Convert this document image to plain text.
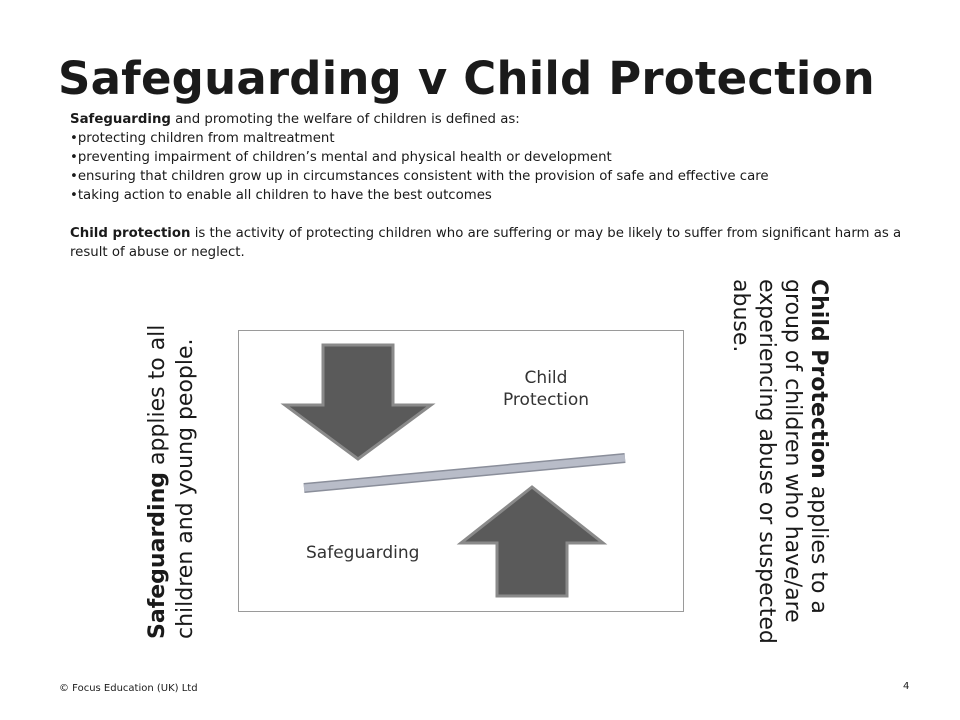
Safeguarding v Child Protection

Safeguarding and promoting the welfare of children is defined as:

• protecting children from maltreatment
• preventing impairment of children’s mental and physical health or development
• ensuring that children grow up in circumstances consistent with the provision of safe and effective care
• taking action to enable all children to have the best outcomes

Child protection is the activity of protecting children who are suffering or may be likely to suffer from significant harm as a result of abuse or neglect.

Child
Protection
Safeguarding
Safeguarding applies to all children and young people.	Child Protection applies to a group of children who have/are experiencing abuse or suspected abuse.
© Focus Education (UK) Ltd	4
